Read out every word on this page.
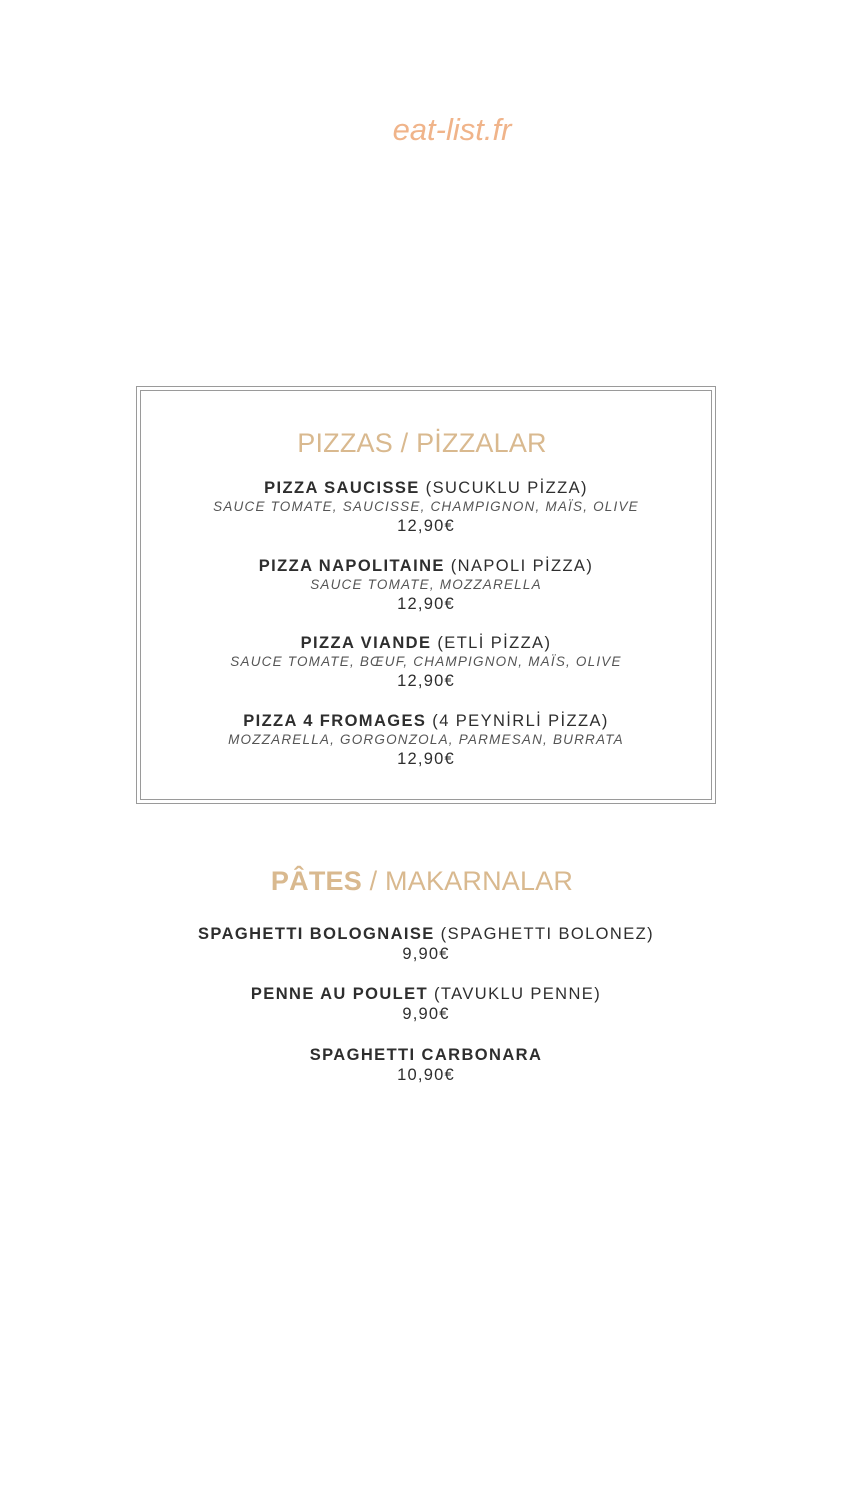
eat-list.fr
PIZZAS / PİZZALAR
PIZZA SAUCISSE (SUCUKLU PİZZA)
SAUCE TOMATE, SAUCISSE, CHAMPIGNON, MAÏS, OLIVE
12,90€
PIZZA NAPOLITAINE (NAPOLI PİZZA)
SAUCE TOMATE, MOZZARELLA
12,90€
PIZZA VIANDE (ETLİ PİZZA)
SAUCE TOMATE, BŒUF, CHAMPIGNON, MAÏS, OLIVE
12,90€
PIZZA 4 FROMAGES (4 PEYNİRLİ PİZZA)
MOZZARELLA, GORGONZOLA, PARMESAN, BURRATA
12,90€
PÂTES / MAKARNALAR
SPAGHETTI BOLOGNAISE (SPAGHETTI BOLONEZ)
9,90€
PENNE AU POULET (TAVUKLU PENNE)
9,90€
SPAGHETTI CARBONARA
10,90€
